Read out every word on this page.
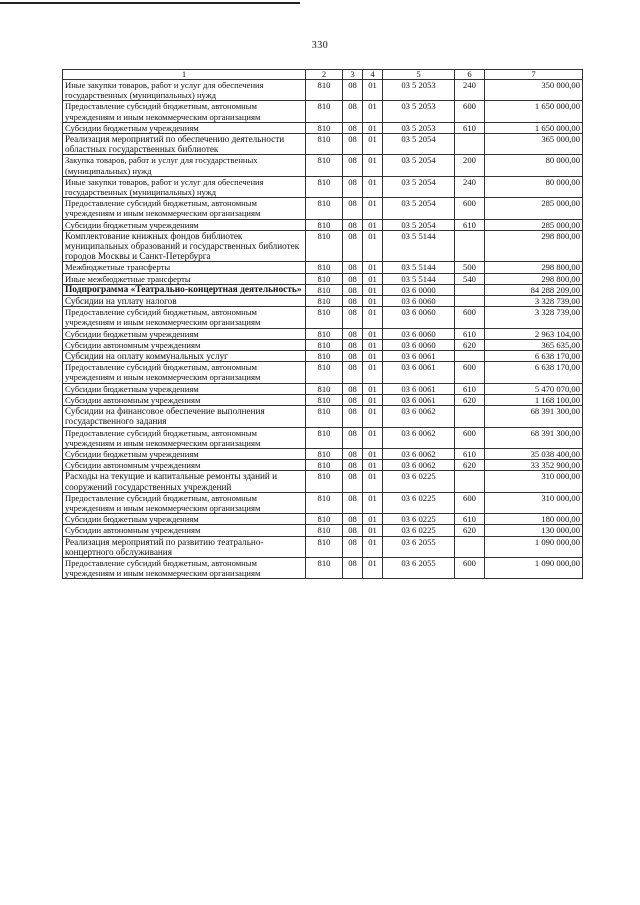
330
1	2	3	4	5	6	7
Иные закупки товаров, работ и услуг для обеспечения государственных (муниципальных) нужд	810	08	01	03 5 2053	240	350 000,00
Предоставление субсидий бюджетным, автономным учреждениям и иным некоммерческим организациям	810	08	01	03 5 2053	600	1 650 000,00
Субсидии бюджетным учреждениям	810	08	01	03 5 2053	610	1 650 000,00
Реализация мероприятий по обеспечению деятельности областных государственных библиотек	810	08	01	03 5 2054		365 000,00
Закупка товаров, работ и услуг для государственных (муниципальных) нужд	810	08	01	03 5 2054	200	80 000,00
Иные закупки товаров, работ и услуг для обеспечения государственных (муниципальных) нужд	810	08	01	03 5 2054	240	80 000,00
Предоставление субсидий бюджетным, автономным учреждениям и иным некоммерческим организациям	810	08	01	03 5 2054	600	285 000,00
Субсидии бюджетным учреждениям	810	08	01	03 5 2054	610	285 000,00
Комплектование книжных фондов библиотек муниципальных образований и государственных библиотек городов Москвы и Санкт-Петербурга	810	08	01	03 5 5144		298 800,00
Межбюджетные трансферты	810	08	01	03 5 5144	500	298 800,00
Иные межбюджетные трансферты	810	08	01	03 5 5144	540	298 800,00
Подпрограмма «Театрально-концертная деятельность»	810	08	01	03 6 0000		84 288 209,00
Субсидии на уплату налогов	810	08	01	03 6 0060		3 328 739,00
Предоставление субсидий бюджетным, автономным учреждениям и иным некоммерческим организациям	810	08	01	03 6 0060	600	3 328 739,00
Субсидии бюджетным учреждениям	810	08	01	03 6 0060	610	2 963 104,00
Субсидии автономным учреждениям	810	08	01	03 6 0060	620	365 635,00
Субсидии на оплату коммунальных услуг	810	08	01	03 6 0061		6 638 170,00
Предоставление субсидий бюджетным, автономным учреждениям и иным некоммерческим организациям	810	08	01	03 6 0061	600	6 638 170,00
Субсидии бюджетным учреждениям	810	08	01	03 6 0061	610	5 470 070,00
Субсидии автономным учреждениям	810	08	01	03 6 0061	620	1 168 100,00
Субсидии на финансовое обеспечение выполнения государственного задания	810	08	01	03 6 0062		68 391 300,00
Предоставление субсидий бюджетным, автономным учреждениям и иным некоммерческим организациям	810	08	01	03 6 0062	600	68 391 300,00
Субсидии бюджетным учреждениям	810	08	01	03 6 0062	610	35 038 400,00
Субсидии автономным учреждениям	810	08	01	03 6 0062	620	33 352 900,00
Расходы на текущие и капитальные ремонты зданий и сооружений государственных учреждений	810	08	01	03 6 0225		310 000,00
Предоставление субсидий бюджетным, автономным учреждениям и иным некоммерческим организациям	810	08	01	03 6 0225	600	310 000,00
Субсидии бюджетным учреждениям	810	08	01	03 6 0225	610	180 000,00
Субсидии автономным учреждениям	810	08	01	03 6 0225	620	130 000,00
Реализация мероприятий по развитию театрально-концертного обслуживания	810	08	01	03 6 2055		1 090 000,00
Предоставление субсидий бюджетным, автономным учреждениям и иным некоммерческим организациям	810	08	01	03 6 2055	600	1 090 000,00
